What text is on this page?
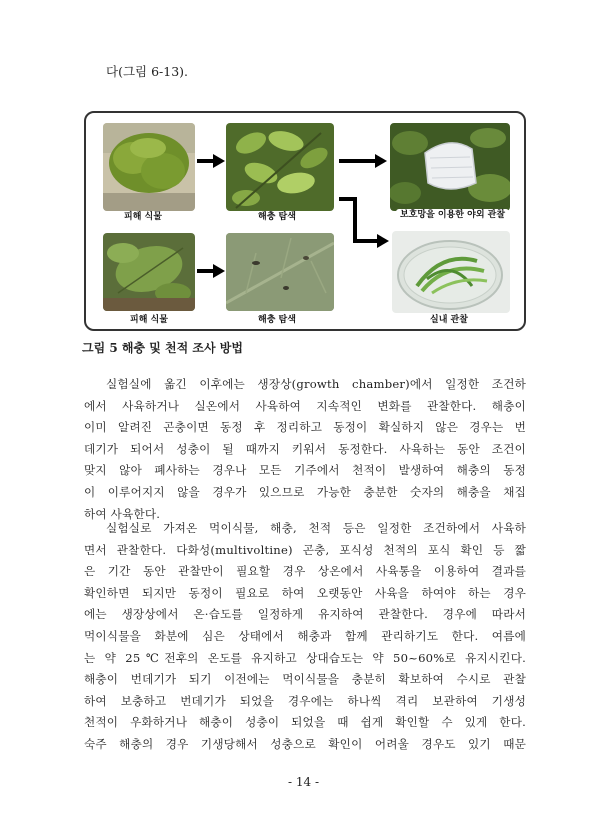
다(그림 6-13).
피해 식물	해충 탐색	보호망을 이용한 야외 관찰
피해 식물	해충 탐색	실내 관찰
그림 5 해충 및 천적 조사 방법

실험실에 옮긴 이후에는 생장상(growth chamber)에서 일정한 조건하
에서 사육하거나 실온에서 사육하여 지속적인 변화를 관찰한다. 해충이
이미 알려진 곤충이면 동정 후 정리하고 동정이 확실하지 않은 경우는 번
데기가 되어서 성충이 될 때까지 키워서 동정한다. 사육하는 동안 조건이
맞지 않아 폐사하는 경우나 모든 기주에서 천적이 발생하여 해충의 동정
이 이루어지지 않을 경우가 있으므로 가능한 충분한 숫자의 해충을 채집
하여 사육한다.

실험실로 가져온 먹이식물, 해충, 천적 등은 일정한 조건하에서 사육하
면서 관찰한다. 다화성(multivoltine) 곤충, 포식성 천적의 포식 확인 등 짧
은 기간 동안 관찰만이 필요할 경우 상온에서 사육통을 이용하여 결과를
확인하면 되지만 동정이 필요로 하여 오랫동안 사육을 하여야 하는 경우
에는 생장상에서 온·습도를 일정하게 유지하여 관찰한다. 경우에 따라서
먹이식물을 화분에 심은 상태에서 해충과 함께 관리하기도 한다. 여름에
는 약 25℃전후의 온도를 유지하고 상대습도는 약 50~60%로 유지시킨다.
해충이 번데기가 되기 이전에는 먹이식물을 충분히 확보하여 수시로 관찰
하여 보충하고 번데기가 되었을 경우에는 하나씩 격리 보관하여 기생성
천적이 우화하거나 해충이 성충이 되었을 때 쉽게 확인할 수 있게 한다.
숙주 해충의 경우 기생당해서 성충으로 확인이 어려울 경우도 있기 때문

- 14 -
